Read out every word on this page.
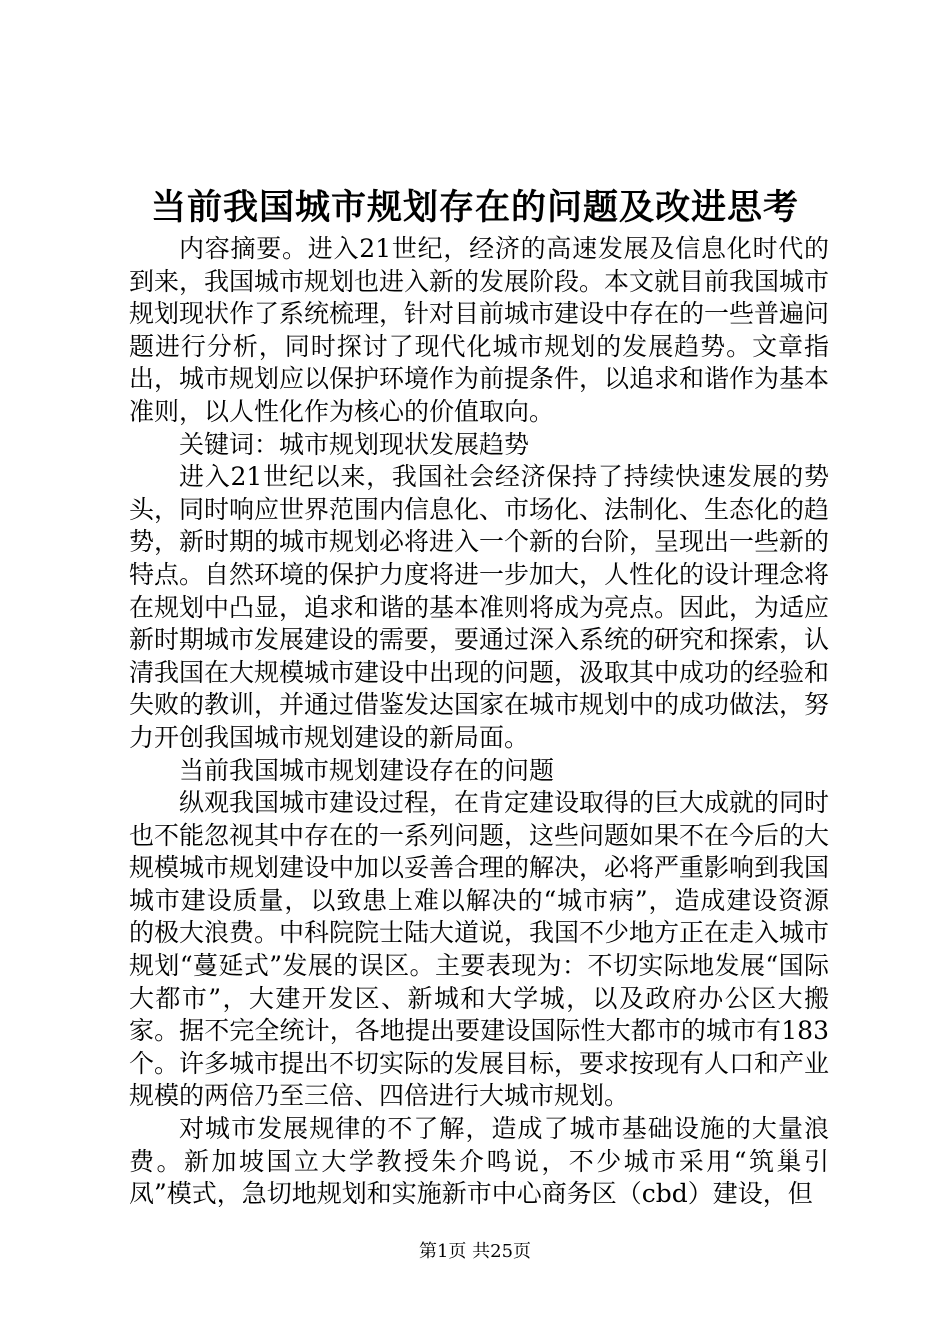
当前我国城市规划存在的问题及改进思考

内容摘要。进入21世纪，经济的高速发展及信息化时代的到来，我国城市规划也进入新的发展阶段。本文就目前我国城市规划现状作了系统梳理，针对目前城市建设中存在的一些普遍问题进行分析，同时探讨了现代化城市规划的发展趋势。文章指出，城市规划应以保护环境作为前提条件，以追求和谐作为基本准则，以人性化作为核心的价值取向。

关键词：城市规划现状发展趋势

进入21世纪以来，我国社会经济保持了持续快速发展的势头，同时响应世界范围内信息化、市场化、法制化、生态化的趋势，新时期的城市规划必将进入一个新的台阶，呈现出一些新的特点。自然环境的保护力度将进一步加大，人性化的设计理念将在规划中凸显，追求和谐的基本准则将成为亮点。因此，为适应新时期城市发展建设的需要，要通过深入系统的研究和探索，认清我国在大规模城市建设中出现的问题，汲取其中成功的经验和失败的教训，并通过借鉴发达国家在城市规划中的成功做法，努力开创我国城市规划建设的新局面。

当前我国城市规划建设存在的问题

纵观我国城市建设过程，在肯定建设取得的巨大成就的同时也不能忽视其中存在的一系列问题，这些问题如果不在今后的大规模城市规划建设中加以妥善合理的解决，必将严重影响到我国城市建设质量，以致患上难以解决的“城市病”，造成建设资源的极大浪费。中科院院士陆大道说，我国不少地方正在走入城市规划“蔓延式”发展的误区。主要表现为：不切实际地发展“国际大都市”，大建开发区、新城和大学城，以及政府办公区大搬家。据不完全统计，各地提出要建设国际性大都市的城市有183个。许多城市提出不切实际的发展目标，要求按现有人口和产业规模的两倍乃至三倍、四倍进行大城市规划。

对城市发展规律的不了解，造成了城市基础设施的大量浪费。新加坡国立大学教授朱介鸣说，不少城市采用“筑巢引凤”模式，急切地规划和实施新市中心商务区（cbd）建设，但

第1页 共25页
